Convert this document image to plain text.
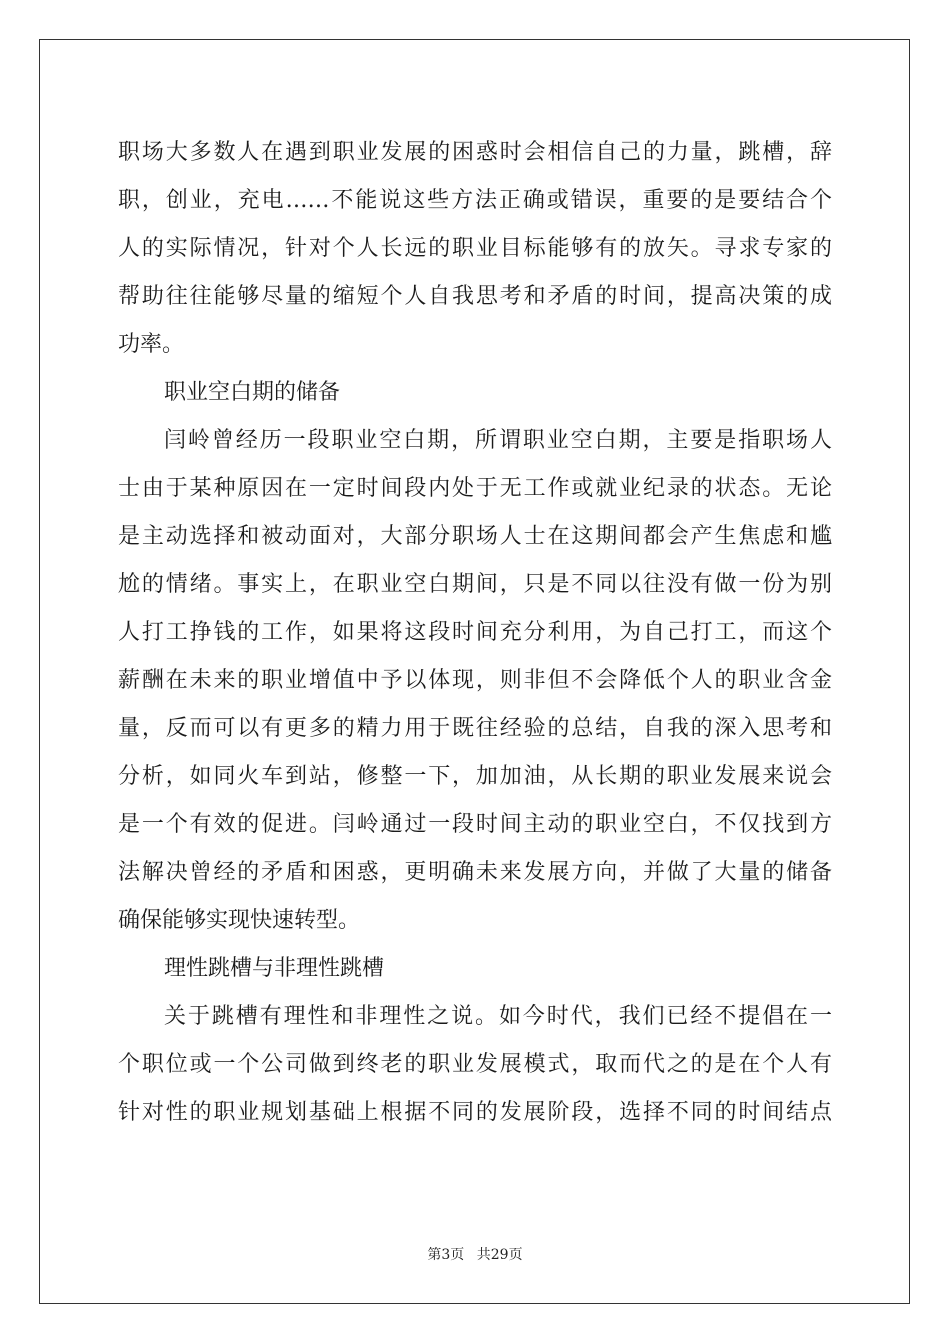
职场大多数人在遇到职业发展的困惑时会相信自己的力量，跳槽，辞
职，创业，充电……不能说这些方法正确或错误，重要的是要结合个
人的实际情况，针对个人长远的职业目标能够有的放矢。寻求专家的
帮助往往能够尽量的缩短个人自我思考和矛盾的时间，提高决策的成
功率。
职业空白期的储备
闫岭曾经历一段职业空白期，所谓职业空白期，主要是指职场人
士由于某种原因在一定时间段内处于无工作或就业纪录的状态。无论
是主动选择和被动面对，大部分职场人士在这期间都会产生焦虑和尴
尬的情绪。事实上，在职业空白期间，只是不同以往没有做一份为别
人打工挣钱的工作，如果将这段时间充分利用，为自己打工，而这个
薪酬在未来的职业增值中予以体现，则非但不会降低个人的职业含金
量，反而可以有更多的精力用于既往经验的总结，自我的深入思考和
分析，如同火车到站，修整一下，加加油，从长期的职业发展来说会
是一个有效的促进。闫岭通过一段时间主动的职业空白，不仅找到方
法解决曾经的矛盾和困惑，更明确未来发展方向，并做了大量的储备
确保能够实现快速转型。
理性跳槽与非理性跳槽
关于跳槽有理性和非理性之说。如今时代，我们已经不提倡在一
个职位或一个公司做到终老的职业发展模式，取而代之的是在个人有
针对性的职业规划基础上根据不同的发展阶段，选择不同的时间结点
第3页 共29页
